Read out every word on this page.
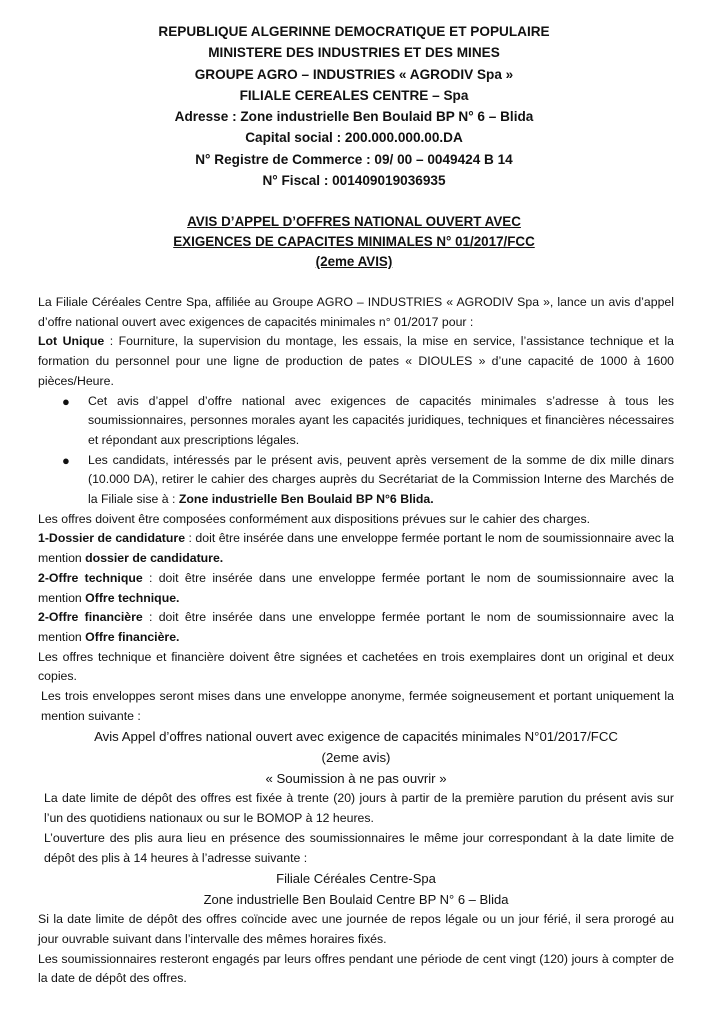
REPUBLIQUE ALGERINNE DEMOCRATIQUE ET POPULAIRE
MINISTERE DES INDUSTRIES ET DES MINES
GROUPE AGRO – INDUSTRIES « AGRODIV Spa »
FILIALE CEREALES CENTRE – Spa
Adresse : Zone industrielle Ben Boulaid BP N° 6 – Blida
Capital social : 200.000.000.00.DA
N° Registre de Commerce : 09/ 00 – 0049424 B 14
N° Fiscal : 001409019036935
AVIS D’APPEL D’OFFRES NATIONAL OUVERT AVEC
EXIGENCES DE CAPACITES MINIMALES N° 01/2017/FCC
(2eme AVIS)

La Filiale Céréales Centre Spa, affiliée au Groupe AGRO – INDUSTRIES « AGRODIV Spa », lance un avis d’appel d’offre national ouvert avec exigences de capacités minimales n° 01/2017 pour :

Lot Unique : Fourniture, la supervision du montage, les essais, la mise en service, l’assistance technique et la formation du personnel pour une ligne de production de pates « DIOULES » d’une capacité de 1000 à 1600 pièces/Heure.

● Cet avis d’appel d’offre national avec exigences de capacités minimales s’adresse à tous les soumissionnaires, personnes morales ayant les capacités juridiques, techniques et financières nécessaires et répondant aux prescriptions légales.
● Les candidats, intéressés par le présent avis, peuvent après versement de la somme de dix mille dinars (10.000 DA), retirer le cahier des charges auprès du Secrétariat de la Commission Interne des Marchés de la Filiale sise à : Zone industrielle Ben Boulaid BP N°6 Blida.

Les offres doivent être composées conformément aux dispositions prévues sur le cahier des charges.

1-Dossier de candidature : doit être insérée dans une enveloppe fermée portant le nom de soumissionnaire avec la mention dossier de candidature.

2-Offre technique : doit être insérée dans une enveloppe fermée portant le nom de soumissionnaire avec la mention Offre technique.

2-Offre financière : doit être insérée dans une enveloppe fermée portant le nom de soumissionnaire avec la mention Offre financière.

Les offres technique et financière doivent être signées et cachetées en trois exemplaires dont un original et deux copies.

Les trois enveloppes seront mises dans une enveloppe anonyme, fermée soigneusement et portant uniquement la mention suivante :

Avis Appel d’offres national ouvert avec exigence de capacités minimales N°01/2017/FCC

(2eme avis)

« Soumission à ne pas ouvrir »

La date limite de dépôt des offres est fixée à trente (20) jours à partir de la première parution du présent avis sur l’un des quotidiens nationaux ou sur le BOMOP à 12 heures.

L’ouverture des plis aura lieu en présence des soumissionnaires le même jour correspondant à la date limite de dépôt des plis à 14 heures à l’adresse suivante :

Filiale Céréales Centre-Spa

Zone industrielle Ben Boulaid Centre BP N° 6 – Blida

Si la date limite de dépôt des offres coïncide avec une journée de repos légale ou un jour férié, il sera prorogé au jour ouvrable suivant dans l’intervalle des mêmes horaires fixés.

Les soumissionnaires resteront engagés par leurs offres pendant une période de cent vingt (120) jours à compter de la date de dépôt des offres.
